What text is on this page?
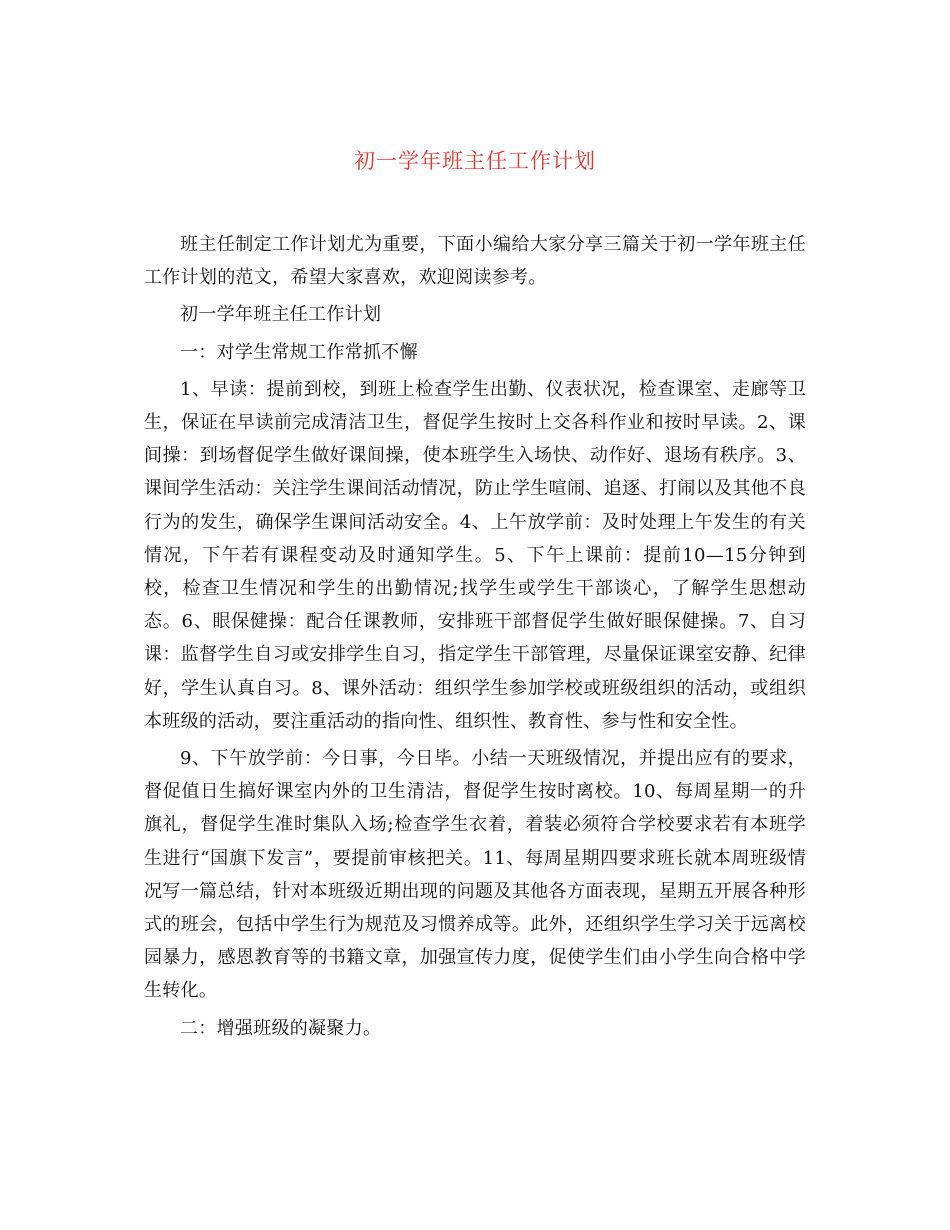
初一学年班主任工作计划

班主任制定工作计划尤为重要，下面小编给大家分享三篇关于初一学年班主任工作计划的范文，希望大家喜欢，欢迎阅读参考。

初一学年班主任工作计划

一：对学生常规工作常抓不懈

1、早读：提前到校，到班上检查学生出勤、仪表状况，检查课室、走廊等卫生，保证在早读前完成清洁卫生，督促学生按时上交各科作业和按时早读。2、课间操：到场督促学生做好课间操，使本班学生入场快、动作好、退场有秩序。3、课间学生活动：关注学生课间活动情况，防止学生喧闹、追逐、打闹以及其他不良行为的发生，确保学生课间活动安全。4、上午放学前：及时处理上午发生的有关情况，下午若有课程变动及时通知学生。5、下午上课前：提前10—15分钟到校，检查卫生情况和学生的出勤情况;找学生或学生干部谈心，了解学生思想动态。6、眼保健操：配合任课教师，安排班干部督促学生做好眼保健操。7、自习课：监督学生自习或安排学生自习，指定学生干部管理，尽量保证课室安静、纪律好，学生认真自习。8、课外活动：组织学生参加学校或班级组织的活动，或组织本班级的活动，要注重活动的指向性、组织性、教育性、参与性和安全性。

9、下午放学前：今日事，今日毕。小结一天班级情况，并提出应有的要求，督促值日生搞好课室内外的卫生清洁，督促学生按时离校。10、每周星期一的升旗礼，督促学生准时集队入场;检查学生衣着，着装必须符合学校要求若有本班学生进行“国旗下发言”，要提前审核把关。11、每周星期四要求班长就本周班级情况写一篇总结，针对本班级近期出现的问题及其他各方面表现，星期五开展各种形式的班会，包括中学生行为规范及习惯养成等。此外，还组织学生学习关于远离校园暴力，感恩教育等的书籍文章，加强宣传力度，促使学生们由小学生向合格中学生转化。

二：增强班级的凝聚力。
